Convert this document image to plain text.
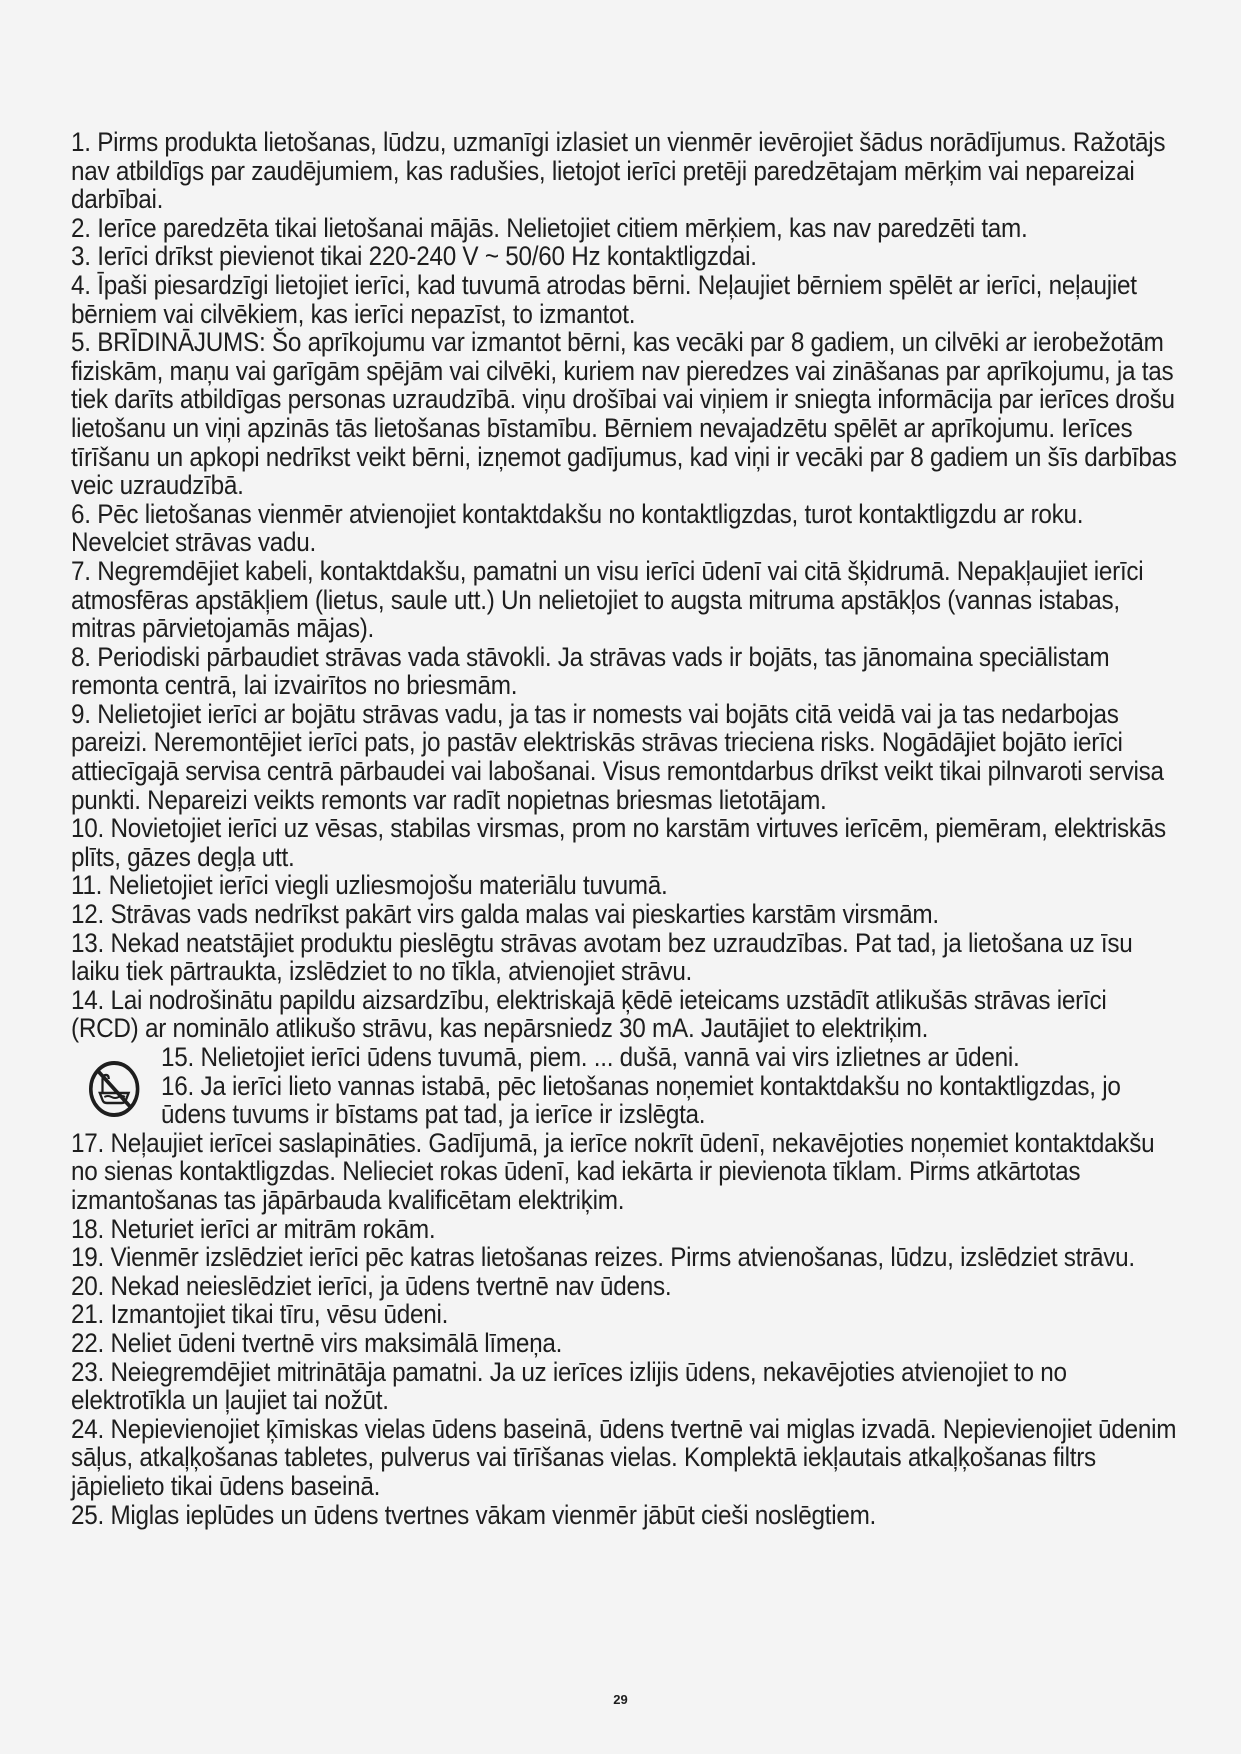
1. Pirms produkta lietošanas, lūdzu, uzmanīgi izlasiet un vienmēr ievērojiet šādus norādījumus. Ražotājs nav atbildīgs par zaudējumiem, kas radušies, lietojot ierīci pretēji paredzētajam mērķim vai nepareizai darbībai.

2. Ierīce paredzēta tikai lietošanai mājās. Nelietojiet citiem mērķiem, kas nav paredzēti tam.

3. Ierīci drīkst pievienot tikai 220-240 V ~ 50/60 Hz kontaktligzdai.

4. Īpaši piesardzīgi lietojiet ierīci, kad tuvumā atrodas bērni. Neļaujiet bērniem spēlēt ar ierīci, neļaujiet bērniem vai cilvēkiem, kas ierīci nepazīst, to izmantot.

5. BRĪDINĀJUMS: Šo aprīkojumu var izmantot bērni, kas vecāki par 8 gadiem, un cilvēki ar ierobežotām fiziskām, maņu vai garīgām spējām vai cilvēki, kuriem nav pieredzes vai zināšanas par aprīkojumu, ja tas tiek darīts atbildīgas personas uzraudzībā. viņu drošībai vai viņiem ir sniegta informācija par ierīces drošu lietošanu un viņi apzinās tās lietošanas bīstamību. Bērniem nevajadzētu spēlēt ar aprīkojumu. Ierīces tīrīšanu un apkopi nedrīkst veikt bērni, izņemot gadījumus, kad viņi ir vecāki par 8 gadiem un šīs darbības veic uzraudzībā.

6. Pēc lietošanas vienmēr atvienojiet kontaktdakšu no kontaktligzdas, turot kontaktligzdu ar roku. Nevelciet strāvas vadu.

7. Negremdējiet kabeli, kontaktdakšu, pamatni un visu ierīci ūdenī vai citā šķidrumā. Nepakļaujiet ierīci atmosfēras apstākļiem (lietus, saule utt.) Un nelietojiet to augsta mitruma apstākļos (vannas istabas, mitras pārvietojamās mājas).

8. Periodiski pārbaudiet strāvas vada stāvokli. Ja strāvas vads ir bojāts, tas jānomaina speciālistam remonta centrā, lai izvairītos no briesmām.

9. Nelietojiet ierīci ar bojātu strāvas vadu, ja tas ir nomests vai bojāts citā veidā vai ja tas nedarbojas pareizi. Neremontējiet ierīci pats, jo pastāv elektriskās strāvas trieciena risks. Nogādājiet bojāto ierīci attiecīgajā servisa centrā pārbaudei vai labošanai. Visus remontdarbus drīkst veikt tikai pilnvaroti servisa punkti. Nepareizi veikts remonts var radīt nopietnas briesmas lietotājam.

10. Novietojiet ierīci uz vēsas, stabilas virsmas, prom no karstām virtuves ierīcēm, piemēram, elektriskās plīts, gāzes degļa utt.

11. Nelietojiet ierīci viegli uzliesmojošu materiālu tuvumā.

12. Strāvas vads nedrīkst pakārt virs galda malas vai pieskarties karstām virsmām.

13. Nekad neatstājiet produktu pieslēgtu strāvas avotam bez uzraudzības. Pat tad, ja lietošana uz īsu laiku tiek pārtraukta, izslēdziet to no tīkla, atvienojiet strāvu.

14. Lai nodrošinātu papildu aizsardzību, elektriskajā ķēdē ieteicams uzstādīt atlikušās strāvas ierīci (RCD) ar nominālo atlikušo strāvu, kas nepārsniedz 30 mA. Jautājiet to elektriķim.

15. Nelietojiet ierīci ūdens tuvumā, piem. ... dušā, vannā vai virs izlietnes ar ūdeni.

16. Ja ierīci lieto vannas istabā, pēc lietošanas noņemiet kontaktdakšu no kontaktligzdas, jo ūdens tuvums ir bīstams pat tad, ja ierīce ir izslēgta.

17. Neļaujiet ierīcei saslapināties. Gadījumā, ja ierīce nokrīt ūdenī, nekavējoties noņemiet kontaktdakšu no sienas kontaktligzdas. Nelieciet rokas ūdenī, kad iekārta ir pievienota tīklam. Pirms atkārtotas izmantošanas tas jāpārbauda kvalificētam elektriķim.

18. Neturiet ierīci ar mitrām rokām.

19. Vienmēr izslēdziet ierīci pēc katras lietošanas reizes. Pirms atvienošanas, lūdzu, izslēdziet strāvu.

20. Nekad neieslēdziet ierīci, ja ūdens tvertnē nav ūdens.

21. Izmantojiet tikai tīru, vēsu ūdeni.

22. Neliet ūdeni tvertnē virs maksimālā līmeņa.

23. Neiegremdējiet mitrinātāja pamatni. Ja uz ierīces izlijis ūdens, nekavējoties atvienojiet to no elektrotīkla un ļaujiet tai nožūt.

24. Nepievienojiet ķīmiskas vielas ūdens baseinā, ūdens tvertnē vai miglas izvadā. Nepievienojiet ūdenim sāļus, atkaļķošanas tabletes, pulverus vai tīrīšanas vielas. Komplektā iekļautais atkaļķošanas filtrs jāpielieto tikai ūdens baseinā.

25. Miglas ieplūdes un ūdens tvertnes vākam vienmēr jābūt cieši noslēgtiem.

29
